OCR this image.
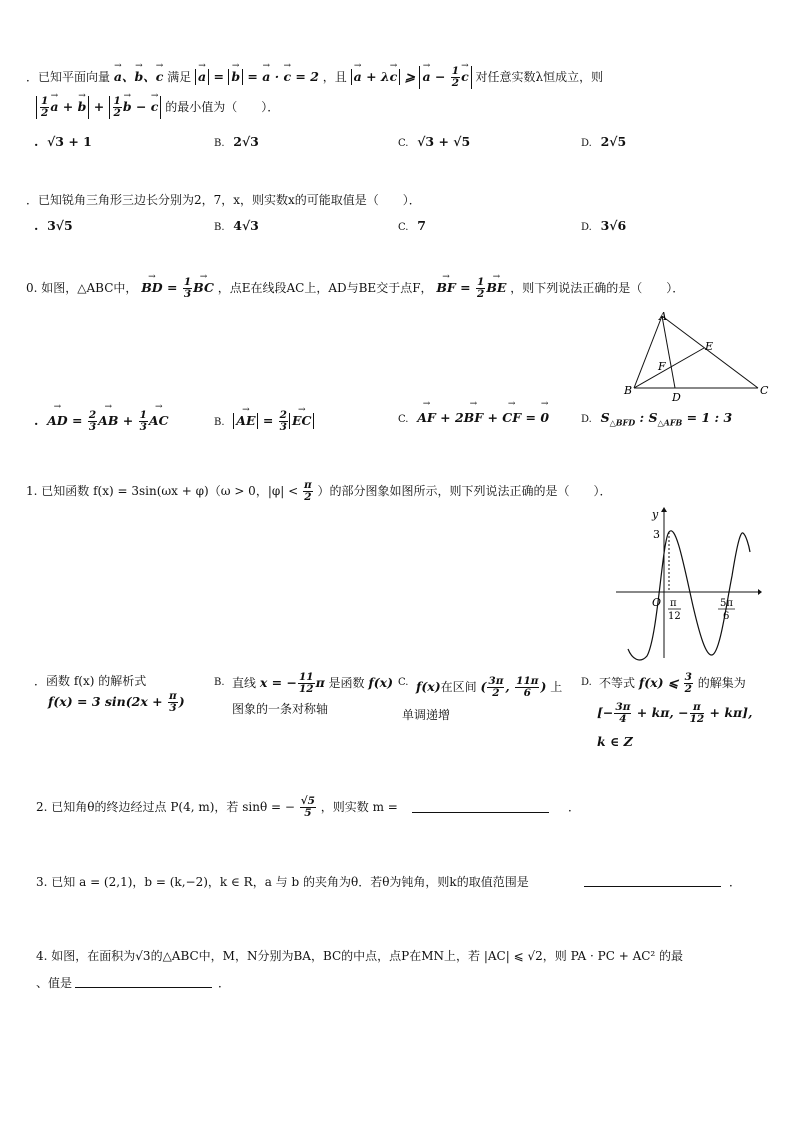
．已知平面向量 → a、→ b、→ c 满足 → a = → b = → a · → c = 2 ，且 → a + λ→ c ⩾ → $a - \frac{1}{2}$
→ c 对任意实数λ恒成立，则
$\frac{1}{2}$
→ a + → $b + \frac{1}{2}$
→ b − → c 的最小值为（　　）．
. √3 + 1	B. 2√3	C. √3 + √5	D. 2√5
．已知锐角三角形三边长分别为2，7，x，则实数x的可能取值是（　　）．
. 3√5	B. 4√3	C. 7	D. 3√6
0. 如图，△ABC中， → BD = $\frac{1}{3}$
→ BC ，点E在线段AC上，AD与BE交于点F， → BF = $\frac{1}{2}$
→ BE ，则下列说法正确的是（　　）．
A
B	C
D
E
F
.  → AD = $\frac{2}{3}$
→ AB + $\frac{1}{3}$
→ AC	B.  → AE = $\frac{2}{3}$
→ EC	C.  → AF + 2→ BF + → CF = → 0	D. $S_{\triangle BFD}$ : $S_{\triangle AFB} = 1$ : 3
1. 已知函数 f(x) = 3sin(ωx + φ)（ω > 0，$|\varphi| < \frac{\pi}{2}$ ）的部分图象如图所示，则下列说法正确的是（　　）．
y
3
O π
12
5π
6
．函数 f(x) 的解析式
f(x) = 3 $\sin(2x + \frac{\pi}{3}$ )
B. 直线 x = − $\frac{11}{12}$ π 是函数 f(x)
图象的一条对称轴
C. f(x)在区间 ( $\frac{3\pi}{2}$ , $\frac{11\pi}{6}$ ) 上
单调递增
D. 不等式 f(x) ⩽ $\frac{3}{2}$ 的解集为
[− $\frac{3\pi}{4} + k\pi$, − $\frac{\pi}{12} + k\pi$],
k ∈ Z
2. 已知角θ的终边经过点 P(4, m)，若 sinθ = − $\frac{√5}{5}$ ，则实数 m =	．
3. 已知 a = (2,1)，b = (k,−2)，k ∈ R，a 与 b 的夹角为θ．若θ为钝角，则k的取值范围是	．
4. 如图，在面积为√3的△ABC中，M，N分别为BA，BC的中点，点P在MN上，若 |AC| ⩽ √2，则 PA · PC + AC² 的最
、值是	．
